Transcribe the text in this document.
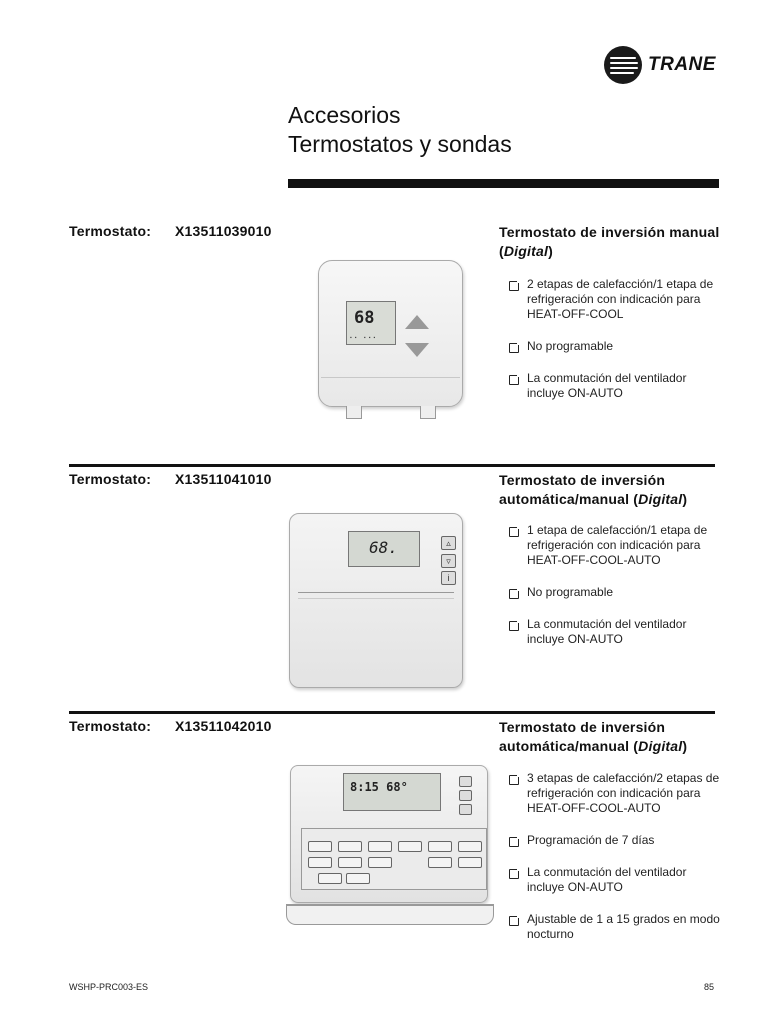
TRANE
Accesorios
Termostatos y sondas
Termostato: X13511039010	Termostato de inversión manual (Digital)
68
▪▪ ▪▪▪
2 etapas de calefacción/1 etapa de refrigeración con indicación para HEAT-OFF-COOL
No programable
La conmutación del ventilador incluye ON-AUTO
Termostato: X13511041010	Termostato de inversión automática/manual (Digital)
68.	▵
▿
i
1 etapa de calefacción/1 etapa de refrigeración con indicación para HEAT-OFF-COOL-AUTO
No programable
La conmutación del ventilador incluye ON-AUTO
Termostato: X13511042010	Termostato de inversión automática/manual (Digital)
8:15 68°
3 etapas de calefacción/2 etapas de refrigeración con indicación para HEAT-OFF-COOL-AUTO
Programación de 7 días
La conmutación del ventilador incluye ON-AUTO
Ajustable de 1 a 15 grados en modo nocturno
WSHP-PRC003-ES	85
